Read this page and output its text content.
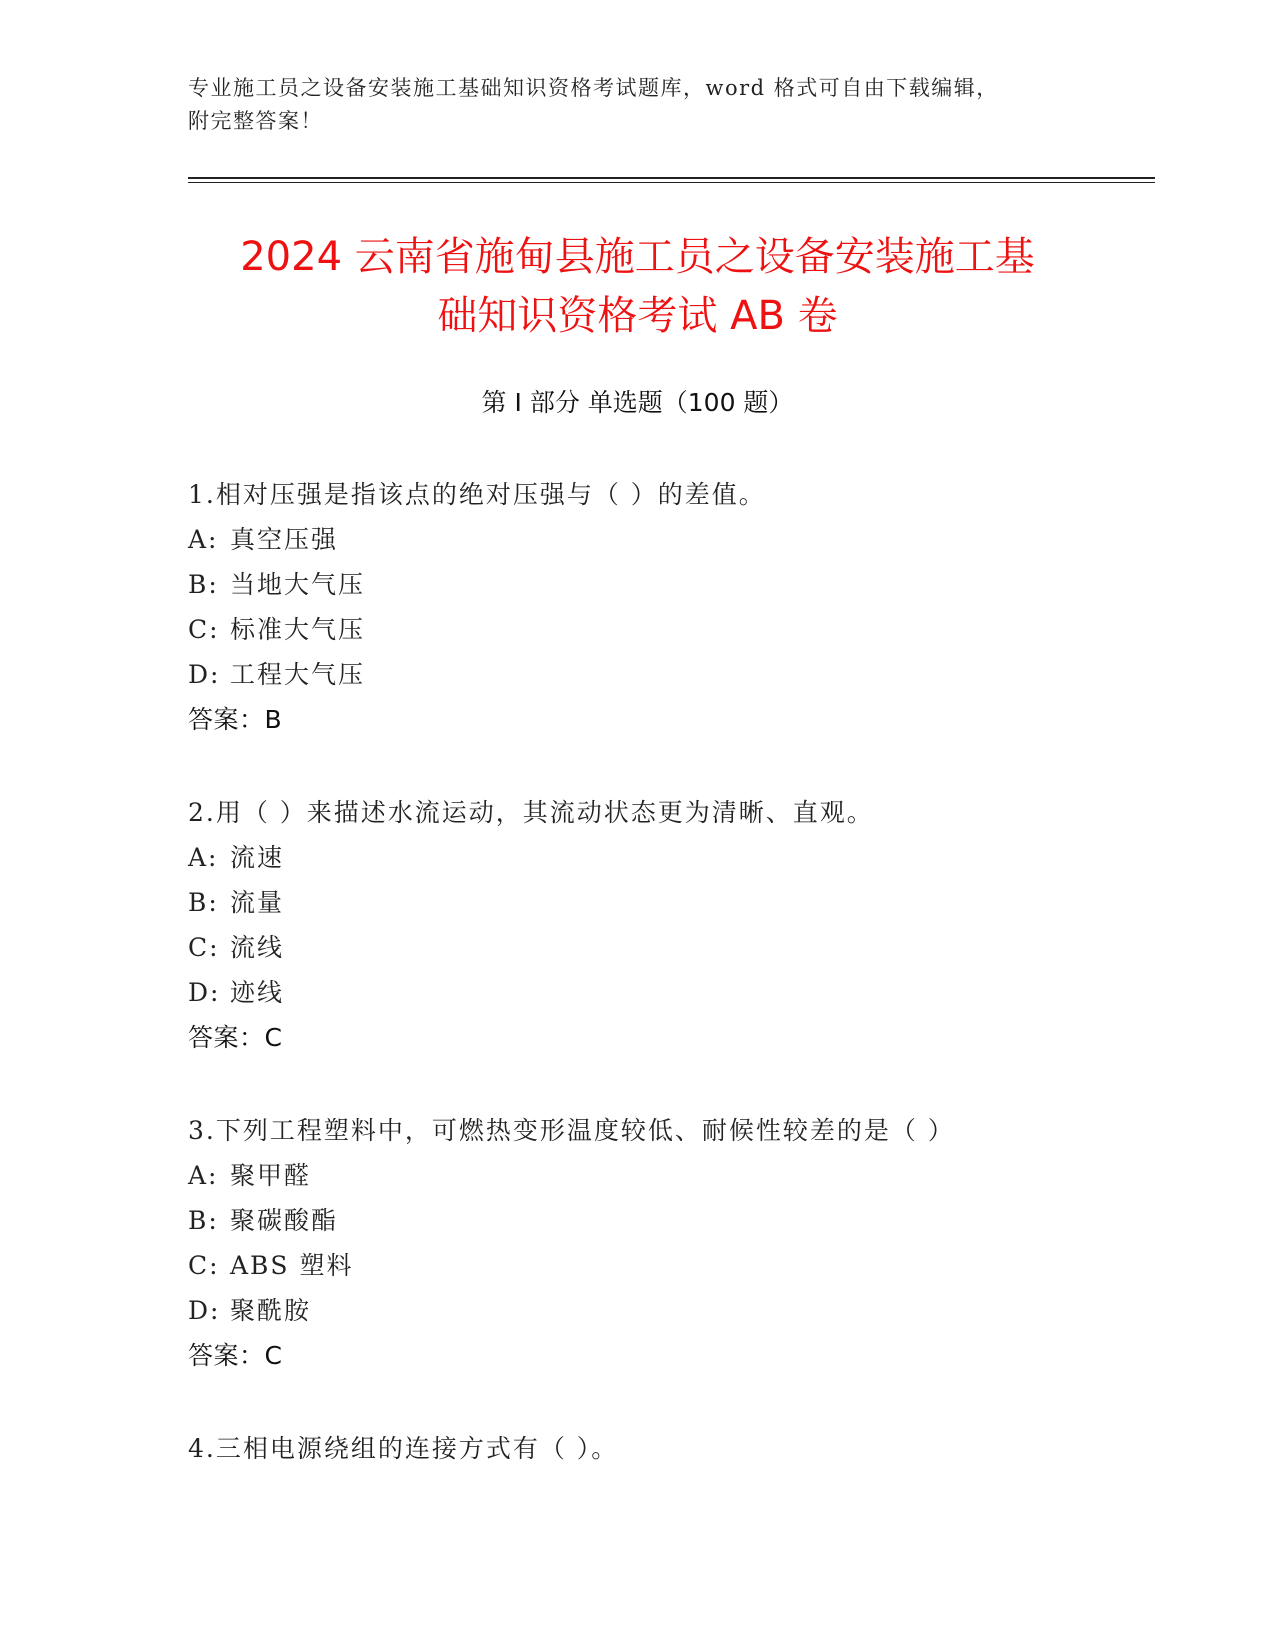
专业施工员之设备安装施工基础知识资格考试题库，word 格式可自由下载编辑，
附完整答案！
2024 云南省施甸县施工员之设备安装施工基
础知识资格考试 AB 卷
第 I 部分 单选题（100 题）
1.相对压强是指该点的绝对压强与（ ）的差值。
A: 真空压强
B: 当地大气压
C: 标准大气压
D: 工程大气压
答案：B
2.用（ ）来描述水流运动，其流动状态更为清晰、直观。
A: 流速
B: 流量
C: 流线
D: 迹线
答案：C
3.下列工程塑料中，可燃热变形温度较低、耐候性较差的是（ ）
A: 聚甲醛
B: 聚碳酸酯
C: ABS 塑料
D: 聚酰胺
答案：C
4.三相电源绕组的连接方式有（ ）。
